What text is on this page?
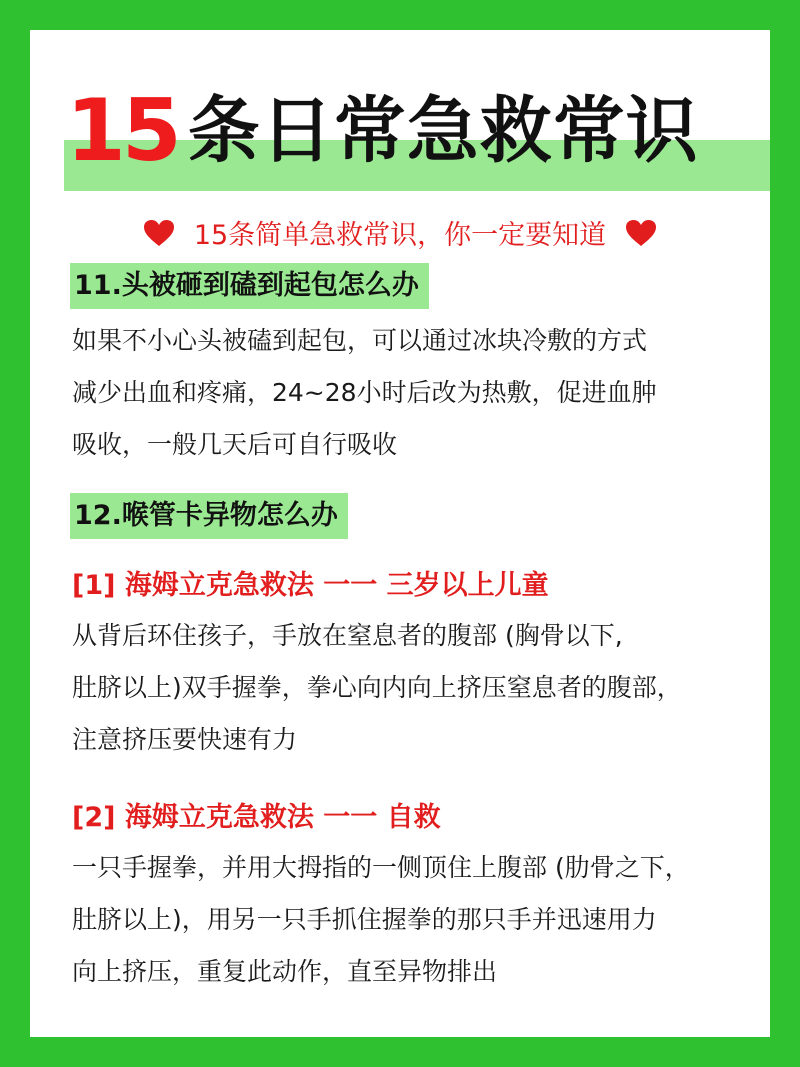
15 条日常急救常识
15条简单急救常识，你一定要知道
11.头被砸到磕到起包怎么办
如果不小心头被磕到起包，可以通过冰块冷敷的方式
减少出血和疼痛，24~28小时后改为热敷，促进血肿
吸收，一般几天后可自行吸收
12.喉管卡异物怎么办
[1] 海姆立克急救法 一一 三岁以上儿童
从背后环住孩子，手放在窒息者的腹部 (胸骨以下,
肚脐以上)双手握拳，拳心向内向上挤压窒息者的腹部，
注意挤压要快速有力
[2] 海姆立克急救法 一一 自救
一只手握拳，并用大拇指的一侧顶住上腹部 (肋骨之下，
肚脐以上)，用另一只手抓住握拳的那只手并迅速用力
向上挤压，重复此动作，直至异物排出
